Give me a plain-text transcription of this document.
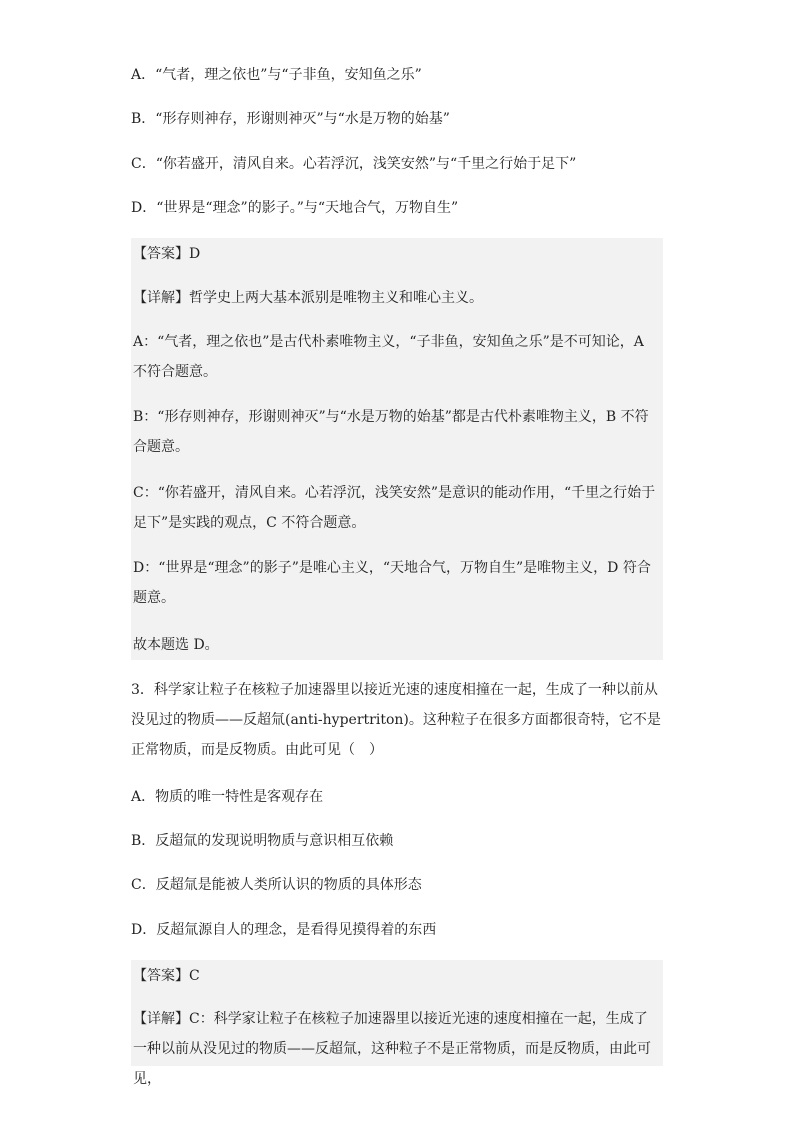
A．“气者，理之依也”与“子非鱼，安知鱼之乐”

B．“形存则神存，形谢则神灭”与“水是万物的始基”

C．“你若盛开，清风自来。心若浮沉，浅笑安然”与“千里之行始于足下”

D．“世界是“理念”的影子。”与“天地合气，万物自生”

【答案】D

【详解】哲学史上两大基本派别是唯物主义和唯心主义。

A：“气者，理之依也”是古代朴素唯物主义，“子非鱼，安知鱼之乐”是不可知论，A 不符合题意。

B：“形存则神存，形谢则神灭”与“水是万物的始基”都是古代朴素唯物主义，B 不符合题意。

C：“你若盛开，清风自来。心若浮沉，浅笑安然”是意识的能动作用，“千里之行始于足下”是实践的观点，C 不符合题意。

D：“世界是“理念”的影子”是唯心主义，“天地合气，万物自生”是唯物主义，D 符合题意。

故本题选 D。

3．科学家让粒子在核粒子加速器里以接近光速的速度相撞在一起，生成了一种以前从没见过的物质——反超氚(anti-hypertriton)。这种粒子在很多方面都很奇特，它不是正常物质，而是反物质。由此可见（　）

A．物质的唯一特性是客观存在

B．反超氚的发现说明物质与意识相互依赖

C．反超氚是能被人类所认识的物质的具体形态

D．反超氚源自人的理念，是看得见摸得着的东西

【答案】C

【详解】C：科学家让粒子在核粒子加速器里以接近光速的速度相撞在一起，生成了一种以前从没见过的物质——反超氚，这种粒子不是正常物质，而是反物质，由此可见，
